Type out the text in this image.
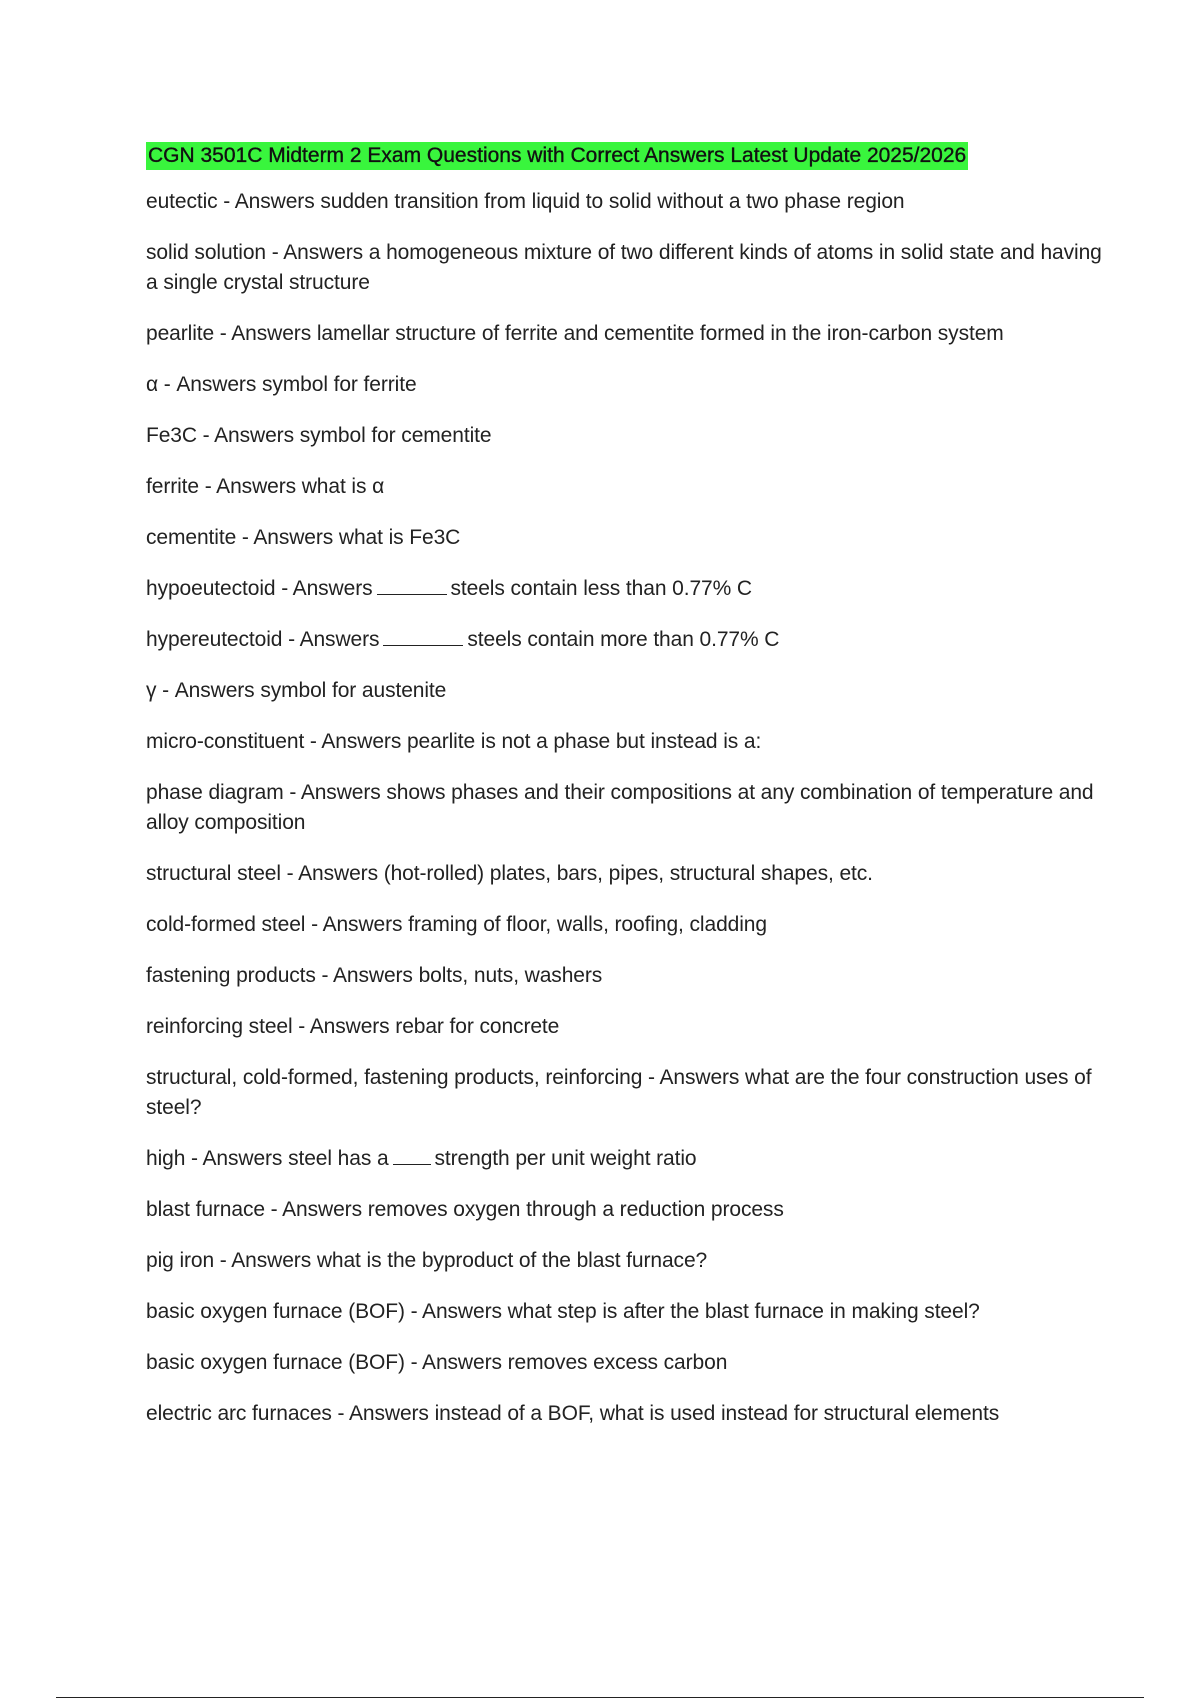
CGN 3501C Midterm 2 Exam Questions with Correct Answers Latest Update 2025/2026
eutectic - Answers sudden transition from liquid to solid without a two phase region
solid solution - Answers a homogeneous mixture of two different kinds of atoms in solid state and having a single crystal structure
pearlite - Answers lamellar structure of ferrite and cementite formed in the iron-carbon system
α - Answers symbol for ferrite
Fe3C - Answers symbol for cementite
ferrite - Answers what is α
cementite - Answers what is Fe3C
hypoeutectoid - Answers	steels contain less than 0.77% C
hypereutectoid - Answers	steels contain more than 0.77% C
γ - Answers symbol for austenite
micro-constituent - Answers pearlite is not a phase but instead is a:
phase diagram - Answers shows phases and their compositions at any combination of temperature and alloy composition
structural steel - Answers (hot-rolled) plates, bars, pipes, structural shapes, etc.
cold-formed steel - Answers framing of floor, walls, roofing, cladding
fastening products - Answers bolts, nuts, washers
reinforcing steel - Answers rebar for concrete
structural, cold-formed, fastening products, reinforcing - Answers what are the four construction uses of steel?
high - Answers steel has a strength per unit weight ratio
blast furnace - Answers removes oxygen through a reduction process
pig iron - Answers what is the byproduct of the blast furnace?
basic oxygen furnace (BOF) - Answers what step is after the blast furnace in making steel?
basic oxygen furnace (BOF) - Answers removes excess carbon
electric arc furnaces - Answers instead of a BOF, what is used instead for structural elements
